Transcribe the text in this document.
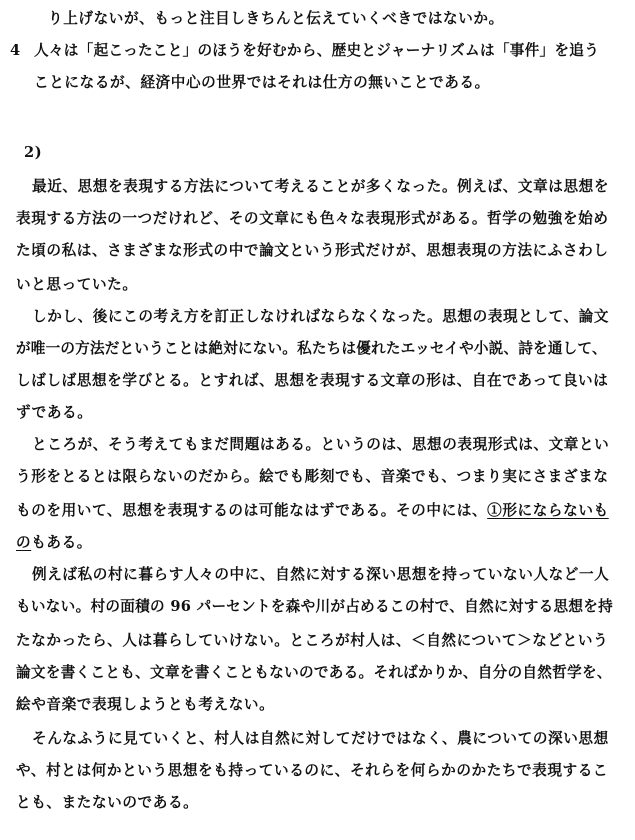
り上げないが、もっと注目しきちんと伝えていくべきではないか。
4 人々は「起こったこと」のほうを好むから、歴史とジャーナリズムは「事件」を追う
ことになるが、経済中心の世界ではそれは仕方の無いことである。
2)
最近、思想を表現する方法について考えることが多くなった。例えば、文章は思想を
表現する方法の一つだけれど、その文章にも色々な表現形式がある。哲学の勉強を始め
た頃の私は、さまざまな形式の中で論文という形式だけが、思想表現の方法にふさわし
いと思っていた。
しかし、後にこの考え方を訂正しなければならなくなった。思想の表現として、論文
が唯一の方法だということは絶対にない。私たちは優れたエッセイや小説、詩を通して、
しばしば思想を学びとる。とすれば、思想を表現する文章の形は、自在であって良いは
ずである。
ところが、そう考えてもまだ問題はある。というのは、思想の表現形式は、文章とい
う形をとるとは限らないのだから。絵でも彫刻でも、音楽でも、つまり実にさまざまな
ものを用いて、思想を表現するのは可能なはずである。その中には、①形にならないも
のもある。
例えば私の村に暮らす人々の中に、自然に対する深い思想を持っていない人など一人
もいない。村の面積の 96 パーセントを森や川が占めるこの村で、自然に対する思想を持
たなかったら、人は暮らしていけない。ところが村人は、＜自然について＞などという
論文を書くことも、文章を書くこともないのである。そればかりか、自分の自然哲学を、
絵や音楽で表現しようとも考えない。
そんなふうに見ていくと、村人は自然に対してだけではなく、農についての深い思想
や、村とは何かという思想をも持っているのに、それらを何らかのかたちで表現するこ
とも、またないのである。
